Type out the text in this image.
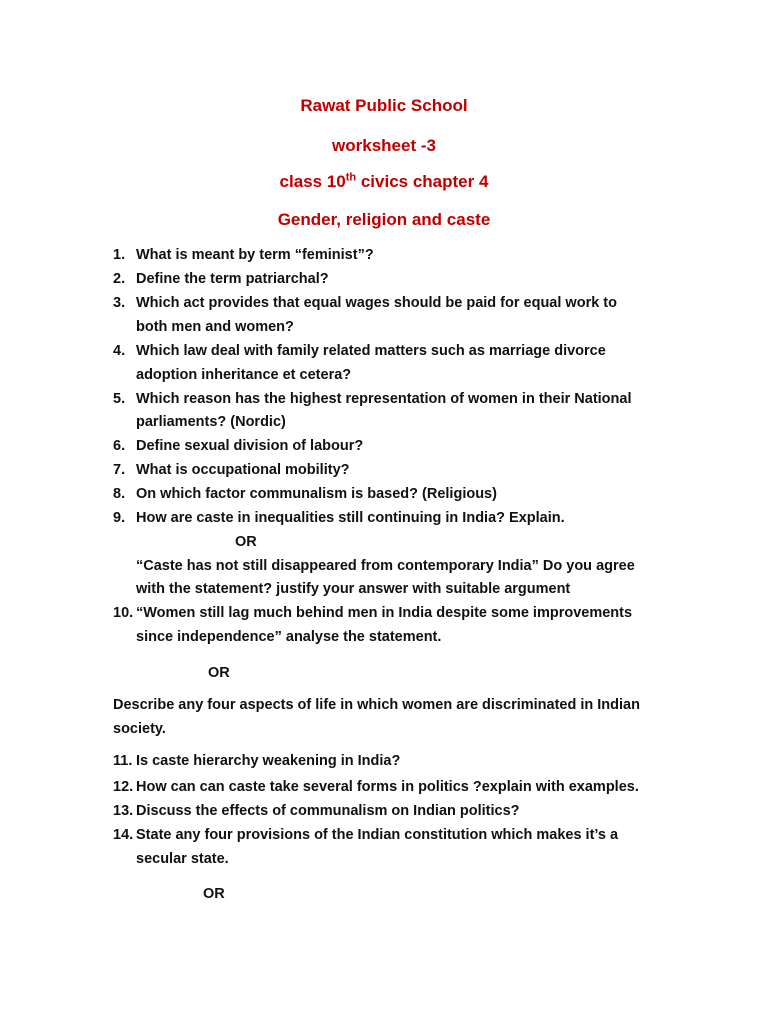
Rawat Public School
worksheet -3
class 10th civics chapter 4
Gender, religion and caste
1. What is meant by term “feminist”?
2. Define the term patriarchal?
3. Which act provides that equal wages should be paid for equal work to
both men and women?
4. Which law deal with family related matters such as marriage divorce
adoption inheritance et cetera?
5. Which reason has the highest representation of women in their National
parliaments? (Nordic)
6. Define sexual division of labour?
7. What is occupational mobility?
8. On which factor communalism is based? (Religious)
9. How are caste in inequalities still continuing in India? Explain.
OR
“Caste has not still disappeared from contemporary India” Do you agree
with the statement? justify your answer with suitable argument
10. “Women still lag much behind men in India despite some improvements
since independence” analyse the statement.
OR
Describe any four aspects of life in which women are discriminated in Indian
society.
11. Is caste hierarchy weakening in India?
12. How can can caste take several forms in politics ?explain with examples.
13. Discuss the effects of communalism on Indian politics?
14. State any four provisions of the Indian constitution which makes it’s a
secular state.
OR
